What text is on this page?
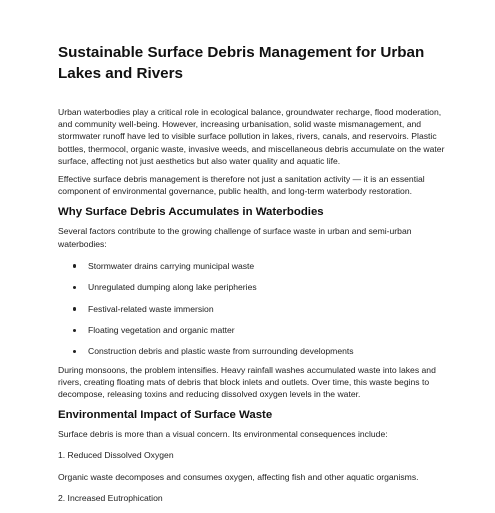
Sustainable Surface Debris Management for Urban Lakes and Rivers

Urban waterbodies play a critical role in ecological balance, groundwater recharge, flood moderation, and community well-being. However, increasing urbanisation, solid waste mismanagement, and stormwater runoff have led to visible surface pollution in lakes, rivers, canals, and reservoirs. Plastic bottles, thermocol, organic waste, invasive weeds, and miscellaneous debris accumulate on the water surface, affecting not just aesthetics but also water quality and aquatic life.

Effective surface debris management is therefore not just a sanitation activity — it is an essential component of environmental governance, public health, and long-term waterbody restoration.

Why Surface Debris Accumulates in Waterbodies

Several factors contribute to the growing challenge of surface waste in urban and semi-urban waterbodies:

Stormwater drains carrying municipal waste
Unregulated dumping along lake peripheries
Festival-related waste immersion
Floating vegetation and organic matter
Construction debris and plastic waste from surrounding developments

During monsoons, the problem intensifies. Heavy rainfall washes accumulated waste into lakes and rivers, creating floating mats of debris that block inlets and outlets. Over time, this waste begins to decompose, releasing toxins and reducing dissolved oxygen levels in the water.

Environmental Impact of Surface Waste

Surface debris is more than a visual concern. Its environmental consequences include:

1. Reduced Dissolved Oxygen

Organic waste decomposes and consumes oxygen, affecting fish and other aquatic organisms.

2. Increased Eutrophication
